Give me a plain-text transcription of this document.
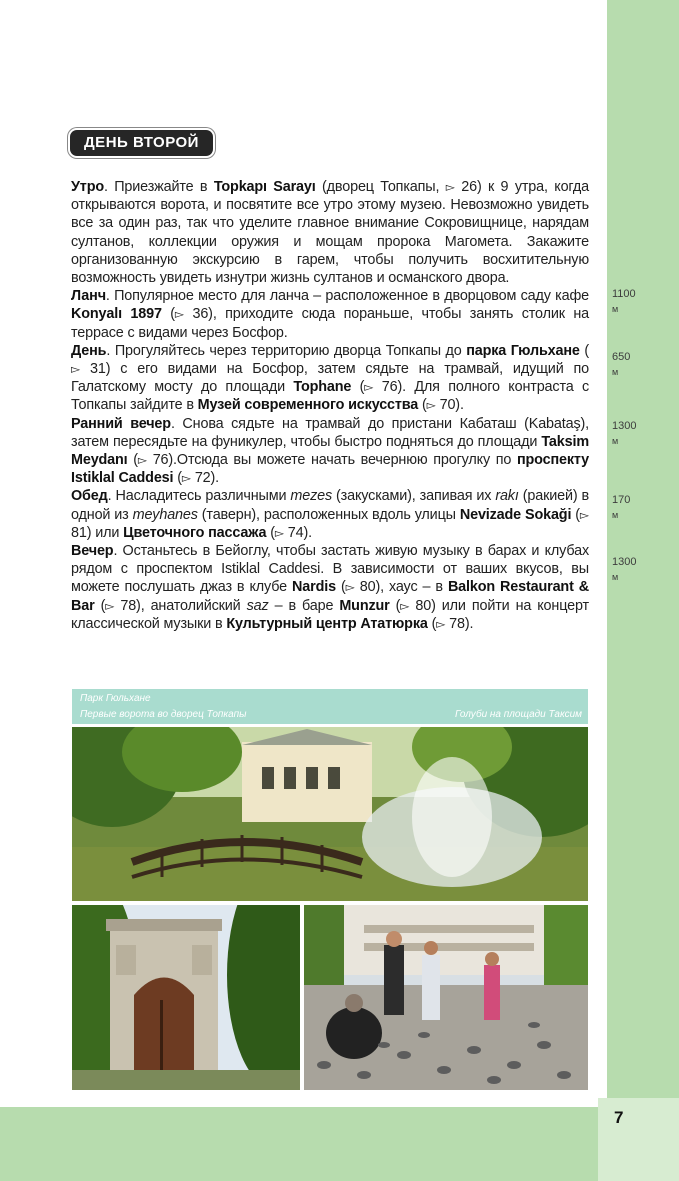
7
ДЕНЬ ВТОРОЙ

Утро. Приезжайте в Topkapı Sarayı (дворец Топкапы, ▻ 26) к 9 утра, когда открываются ворота, и посвятите все утро этому музею. Невозможно увидеть все за один раз, так что уделите главное внимание Сокровищнице, нарядам султанов, коллекции оружия и мощам пророка Магомета. Закажите организованную экскурсию в гарем, чтобы получить восхитительную возможность увидеть изнутри жизнь султанов и османского двора.

Ланч. Популярное место для ланча – расположенное в дворцовом саду кафе Konyalı 1897 (▻ 36), приходите сюда пораньше, чтобы занять столик на террасе с видами через Босфор.

День. Прогуляйтесь через территорию дворца Топкапы до парка Гюльхане (▻ 31) с его видами на Босфор, затем сядьте на трамвай, идущий по Галатскому мосту до площади Tophane (▻ 76). Для полного контраста с Топкапы зайдите в Музей современного искусства (▻ 70).

Ранний вечер. Снова сядьте на трамвай до пристани Кабаташ (Kabataş), затем пересядьте на фуникулер, чтобы быстро подняться до площади Taksim Meydanı (▻ 76).Отсюда вы можете начать вечернюю прогулку по проспекту Istiklal Caddesi (▻ 72).

Обед. Насладитесь различными mezes (закусками), запивая их rakı (ракией) в одной из meyhanes (таверн), расположенных вдоль улицы Nevizade Sokaği (▻ 81) или Цветочного пассажа (▻ 74).

Вечер. Останьтесь в Бейоглу, чтобы застать живую музыку в барах и клубах рядом с проспектом Istiklal Caddesi. В зависимости от ваших вкусов, вы можете послушать джаз в клубе Nardis (▻ 80), хаус – в Balkon Restaurant & Bar (▻ 78), анатолийский saz – в баре Munzur (▻ 80) или пойти на концерт классической музыки в Культурный центр Ататюрка (▻ 78).

1100
м
650
м
1300
м
170
м
1300
м
Парк Гюльхане
Первые ворота во дворец Топкапы	Голуби на площади Таксим
